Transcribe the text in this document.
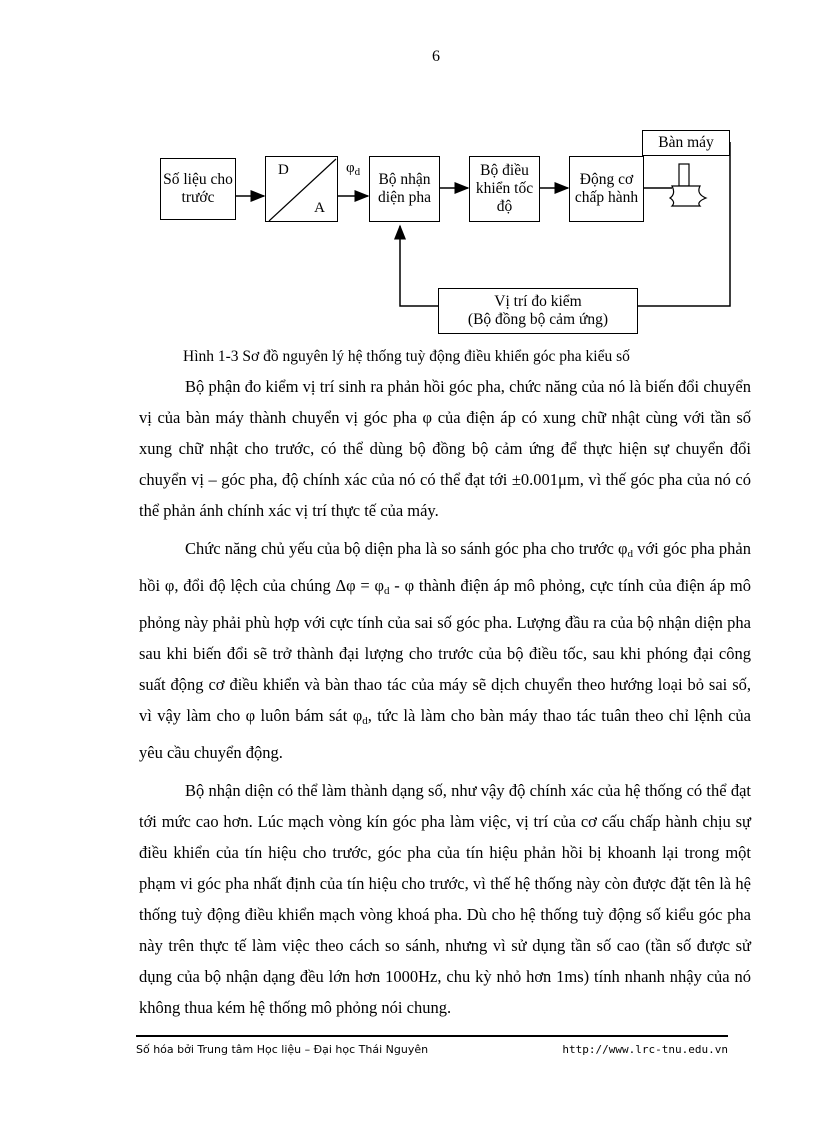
6
Số liệu cho trước
D
A
$\varphi_d$	Bộ nhận diện pha
Bộ điều khiển tốc độ
Động cơ chấp hành
Bàn máy
Vị trí đo kiểm
(Bộ đồng bộ cảm ứng)
Hình 1-3 Sơ đồ nguyên lý hệ thống tuỳ động điều khiển góc pha kiểu số

Bộ phận đo kiểm vị trí sinh ra phản hồi góc pha, chức năng của nó là biến đổi chuyển vị của bàn máy thành chuyển vị góc pha φ của điện áp có xung chữ nhật cùng với tần số xung chữ nhật cho trước, có thể dùng bộ đồng bộ cảm ứng để thực hiện sự chuyển đổi chuyển vị – góc pha, độ chính xác của nó có thể đạt tới ±0.001μm, vì thế góc pha của nó có thể phản ánh chính xác vị trí thực tế của máy.

Chức năng chủ yếu của bộ diện pha là so sánh góc pha cho trước $\varphi_d$ với góc pha phản hồi φ, đổi độ lệch của chúng $\Delta\varphi = \varphi_d - \varphi$ thành điện áp mô phỏng, cực tính của điện áp mô phỏng này phải phù hợp với cực tính của sai số góc pha. Lượng đầu ra của bộ nhận diện pha sau khi biến đổi sẽ trở thành đại lượng cho trước của bộ điều tốc, sau khi phóng đại công suất động cơ điều khiển và bàn thao tác của máy sẽ dịch chuyển theo hướng loại bỏ sai số, vì vậy làm cho φ luôn bám sát $\varphi_d$, tức là làm cho bàn máy thao tác tuân theo chỉ lệnh của yêu cầu chuyển động.

Bộ nhận diện có thể làm thành dạng số, như vậy độ chính xác của hệ thống có thể đạt tới mức cao hơn. Lúc mạch vòng kín góc pha làm việc, vị trí của cơ cấu chấp hành chịu sự điều khiển của tín hiệu cho trước, góc pha của tín hiệu phản hồi bị khoanh lại trong một phạm vi góc pha nhất định của tín hiệu cho trước, vì thế hệ thống này còn được đặt tên là hệ thống tuỳ động điều khiển mạch vòng khoá pha. Dù cho hệ thống tuỳ động số kiểu góc pha này trên thực tế làm việc theo cách so sánh, nhưng vì sử dụng tần số cao (tần số được sử dụng của bộ nhận dạng đều lớn hơn 1000Hz, chu kỳ nhỏ hơn 1ms) tính nhanh nhậy của nó không thua kém hệ thống mô phỏng nói chung.

Số hóa bởi Trung tâm Học liệu – Đại học Thái Nguyên	http://www.lrc-tnu.edu.vn
